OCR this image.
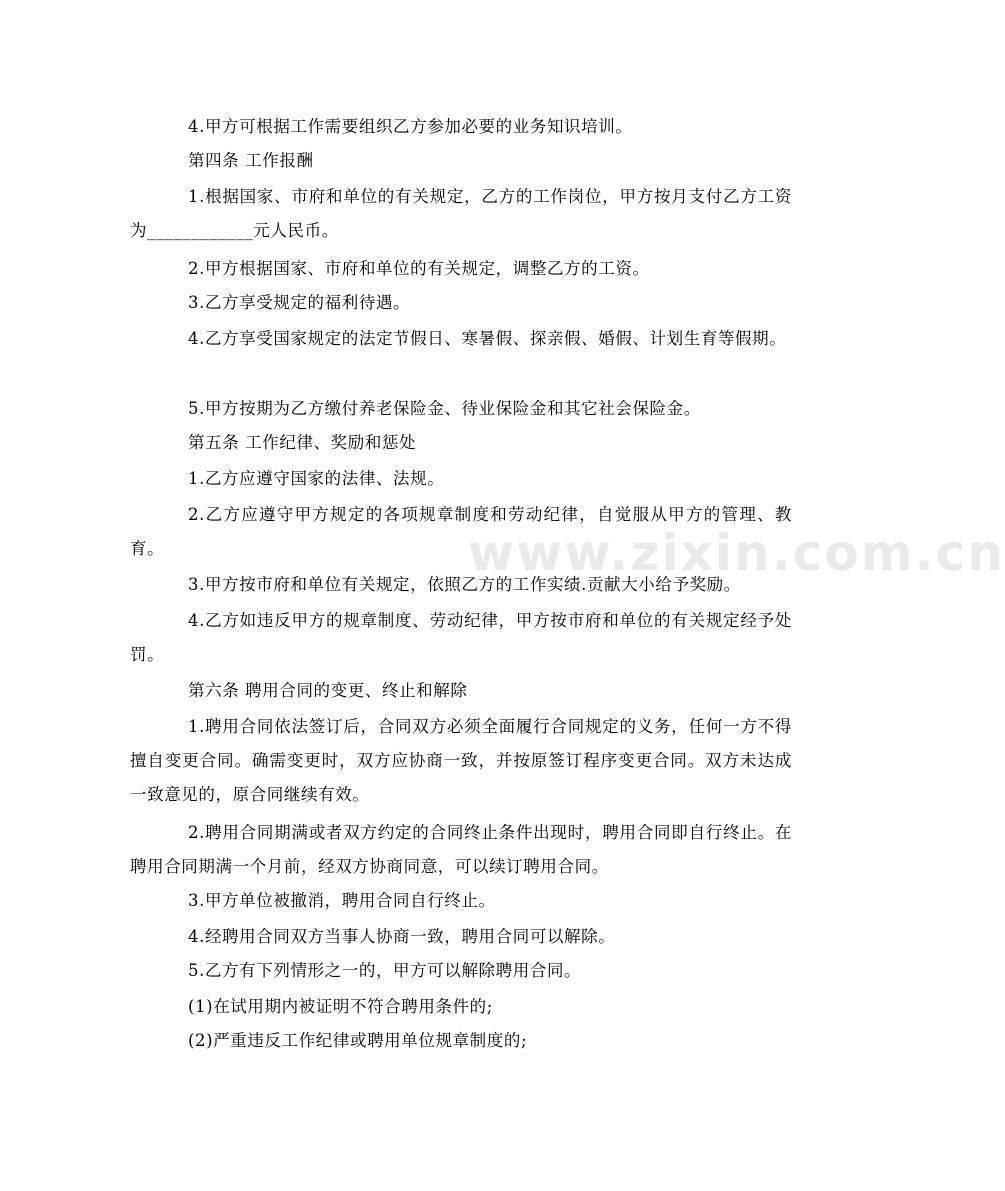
www.zixin.com.cn

4.甲方可根据工作需要组织乙方参加必要的业务知识培训。

第四条 工作报酬

1.根据国家、市府和单位的有关规定，乙方的工作岗位，甲方按月支付乙方工资为____________元人民币。

2.甲方根据国家、市府和单位的有关规定，调整乙方的工资。

3.乙方享受规定的福利待遇。

4.乙方享受国家规定的法定节假日、寒暑假、探亲假、婚假、计划生育等假期。

5.甲方按期为乙方缴付养老保险金、待业保险金和其它社会保险金。

第五条 工作纪律、奖励和惩处

1.乙方应遵守国家的法律、法规。

2.乙方应遵守甲方规定的各项规章制度和劳动纪律，自觉服从甲方的管理、教育。

3.甲方按市府和单位有关规定，依照乙方的工作实绩.贡献大小给予奖励。

4.乙方如违反甲方的规章制度、劳动纪律，甲方按市府和单位的有关规定经予处罚。

第六条 聘用合同的变更、终止和解除

1.聘用合同依法签订后，合同双方必须全面履行合同规定的义务，任何一方不得擅自变更合同。确需变更时，双方应协商一致，并按原签订程序变更合同。双方未达成一致意见的，原合同继续有效。

2.聘用合同期满或者双方约定的合同终止条件出现时，聘用合同即自行终止。在聘用合同期满一个月前，经双方协商同意，可以续订聘用合同。

3.甲方单位被撤消，聘用合同自行终止。

4.经聘用合同双方当事人协商一致，聘用合同可以解除。

5.乙方有下列情形之一的，甲方可以解除聘用合同。

(1)在试用期内被证明不符合聘用条件的;

(2)严重违反工作纪律或聘用单位规章制度的;
